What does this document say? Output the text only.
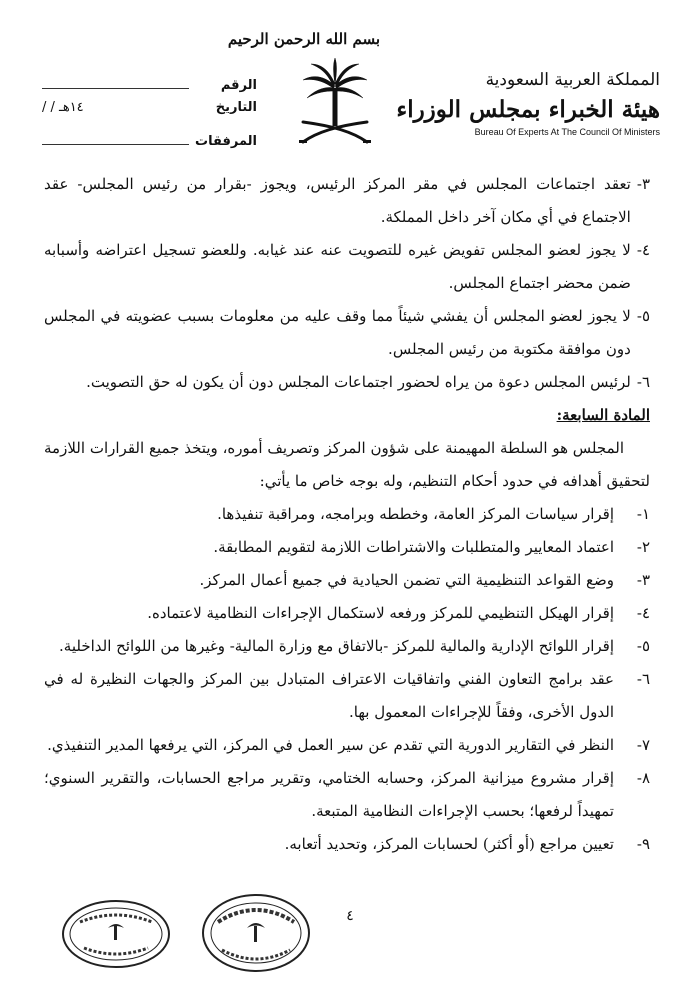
بسم الله الرحمن الرحيم
المملكة العربية السعودية
هيئة الخبراء بمجلس الوزراء
Bureau Of Experts At The Council Of Ministers
الرقم
التاريخ
/ / ١٤هـ
المرفقات
٣-
تعقد اجتماعات المجلس في مقر المركز الرئيس، ويجوز -بقرار من رئيس المجلس- عقد الاجتماع في أي مكان آخر داخل المملكة.
٤-
لا يجوز لعضو المجلس تفويض غيره للتصويت عنه عند غيابه. وللعضو تسجيل اعتراضه وأسبابه ضمن محضر اجتماع المجلس.
٥-
لا يجوز لعضو المجلس أن يفشي شيئاً مما وقف عليه من معلومات بسبب عضويته في المجلس دون موافقة مكتوبة من رئيس المجلس.
٦-
لرئيس المجلس دعوة من يراه لحضور اجتماعات المجلس دون أن يكون له حق التصويت.
المادة السابعة:
المجلس هو السلطة المهيمنة على شؤون المركز وتصريف أموره، ويتخذ جميع القرارات اللازمة لتحقيق أهدافه في حدود أحكام التنظيم، وله بوجه خاص ما يأتي:
١-
إقرار سياسات المركز العامة، وخططه وبرامجه، ومراقبة تنفيذها.
٢-
اعتماد المعايير والمتطلبات والاشتراطات اللازمة لتقويم المطابقة.
٣-
وضع القواعد التنظيمية التي تضمن الحيادية في جميع أعمال المركز.
٤-
إقرار الهيكل التنظيمي للمركز ورفعه لاستكمال الإجراءات النظامية لاعتماده.
٥-
إقرار اللوائح الإدارية والمالية للمركز -بالاتفاق مع وزارة المالية- وغيرها من اللوائح الداخلية.
٦-
عقد برامج التعاون الفني واتفاقيات الاعتراف المتبادل بين المركز والجهات النظيرة له في الدول الأخرى، وفقاً للإجراءات المعمول بها.
٧-
النظر في التقارير الدورية التي تقدم عن سير العمل في المركز، التي يرفعها المدير التنفيذي.
٨-
إقرار مشروع ميزانية المركز، وحسابه الختامي، وتقرير مراجع الحسابات، والتقرير السنوي؛ تمهيداً لرفعها؛ بحسب الإجراءات النظامية المتبعة.
٩-
تعيين مراجع (أو أكثر) لحسابات المركز، وتحديد أتعابه.
٤
